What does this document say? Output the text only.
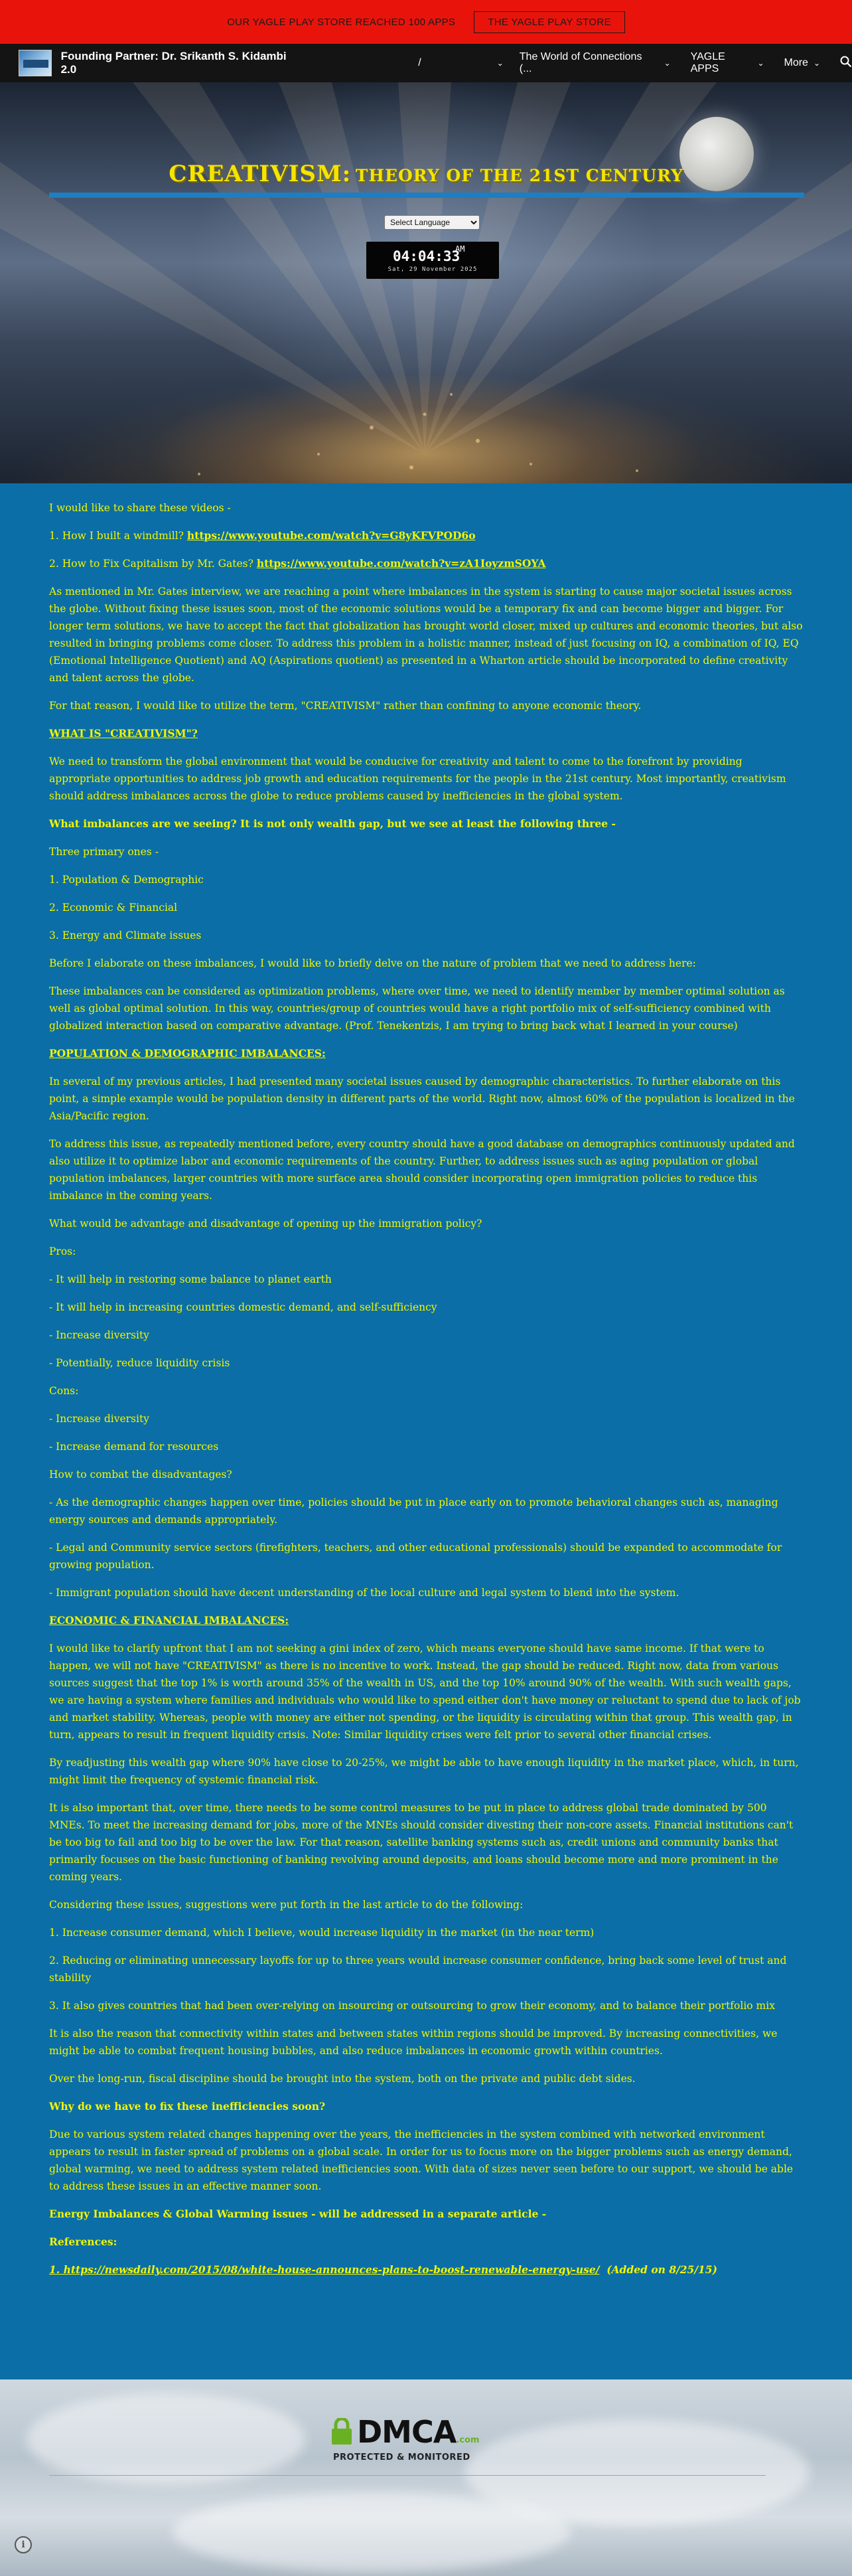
OUR YAGLE PLAY STORE REACHED 100 APPS	THE YAGLE PLAY STORE
Founding Partner: Dr. Srikanth S. Kidambi 2.0
/	⌄
The World of Connections (...	⌄
YAGLE APPS	⌄ More ⌄
CREATIVISM: THEORY OF THE 21ST CENTURY
Select Language
04:04:33
AM
Sat, 29 November 2025

I would like to share these videos -

1. How I built a windmill? https://www.youtube.com/watch?v=G8yKFVPOD6o

2. How to Fix Capitalism by Mr. Gates? https://www.youtube.com/watch?v=zA1IoyzmSOYA

As mentioned in Mr. Gates interview, we are reaching a point where imbalances in the system is starting to cause major societal issues across the globe. Without fixing these issues soon, most of the economic solutions would be a temporary fix and can become bigger and bigger. For longer term solutions, we have to accept the fact that globalization has brought world closer, mixed up cultures and economic theories, but also resulted in bringing problems come closer. To address this problem in a holistic manner, instead of just focusing on IQ, a combination of IQ, EQ (Emotional Intelligence Quotient) and AQ (Aspirations quotient) as presented in a Wharton article should be incorporated to define creativity and talent across the globe.

For that reason, I would like to utilize the term, "CREATIVISM" rather than confining to anyone economic theory.

WHAT IS "CREATIVISM"?

We need to transform the global environment that would be conducive for creativity and talent to come to the forefront by providing appropriate opportunities to address job growth and education requirements for the people in the 21st century. Most importantly, creativism should address imbalances across the globe to reduce problems caused by inefficiencies in the global system.

What imbalances are we seeing? It is not only wealth gap, but we see at least the following three -

Three primary ones -

1. Population & Demographic

2. Economic & Financial

3. Energy and Climate issues

Before I elaborate on these imbalances, I would like to briefly delve on the nature of problem that we need to address here:

These imbalances can be considered as optimization problems, where over time, we need to identify member by member optimal solution as well as global optimal solution. In this way, countries/group of countries would have a right portfolio mix of self-sufficiency combined with globalized interaction based on comparative advantage. (Prof. Tenekentzis, I am trying to bring back what I learned in your course)

POPULATION & DEMOGRAPHIC IMBALANCES:

In several of my previous articles, I had presented many societal issues caused by demographic characteristics. To further elaborate on this point, a simple example would be population density in different parts of the world. Right now, almost 60% of the population is localized in the Asia/Pacific region.

To address this issue, as repeatedly mentioned before, every country should have a good database on demographics continuously updated and also utilize it to optimize labor and economic requirements of the country. Further, to address issues such as aging population or global population imbalances, larger countries with more surface area should consider incorporating open immigration policies to reduce this imbalance in the coming years.

What would be advantage and disadvantage of opening up the immigration policy?

Pros:

- It will help in restoring some balance to planet earth

- It will help in increasing countries domestic demand, and self-sufficiency

- Increase diversity

- Potentially, reduce liquidity crisis

Cons:

- Increase diversity

- Increase demand for resources

How to combat the disadvantages?

- As the demographic changes happen over time, policies should be put in place early on to promote behavioral changes such as, managing energy sources and demands appropriately.

- Legal and Community service sectors (firefighters, teachers, and other educational professionals) should be expanded to accommodate for growing population.

- Immigrant population should have decent understanding of the local culture and legal system to blend into the system.

ECONOMIC & FINANCIAL IMBALANCES:

I would like to clarify upfront that I am not seeking a gini index of zero, which means everyone should have same income. If that were to happen, we will not have "CREATIVISM" as there is no incentive to work. Instead, the gap should be reduced. Right now, data from various sources suggest that the top 1% is worth around 35% of the wealth in US, and the top 10% around 90% of the wealth. With such wealth gaps, we are having a system where families and individuals who would like to spend either don't have money or reluctant to spend due to lack of job and market stability. Whereas, people with money are either not spending, or the liquidity is circulating within that group. This wealth gap, in turn, appears to result in frequent liquidity crisis. Note: Similar liquidity crises were felt prior to several other financial crises.

By readjusting this wealth gap where 90% have close to 20-25%, we might be able to have enough liquidity in the market place, which, in turn, might limit the frequency of systemic financial risk.

It is also important that, over time, there needs to be some control measures to be put in place to address global trade dominated by 500 MNEs. To meet the increasing demand for jobs, more of the MNEs should consider divesting their non-core assets. Financial institutions can't be too big to fail and too big to be over the law. For that reason, satellite banking systems such as, credit unions and community banks that primarily focuses on the basic functioning of banking revolving around deposits, and loans should become more and more prominent in the coming years.

Considering these issues, suggestions were put forth in the last article to do the following:

1. Increase consumer demand, which I believe, would increase liquidity in the market (in the near term)

2. Reducing or eliminating unnecessary layoffs for up to three years would increase consumer confidence, bring back some level of trust and stability

3. It also gives countries that had been over-relying on insourcing or outsourcing to grow their economy, and to balance their portfolio mix

It is also the reason that connectivity within states and between states within regions should be improved. By increasing connectivities, we might be able to combat frequent housing bubbles, and also reduce imbalances in economic growth within countries.

Over the long-run, fiscal discipline should be brought into the system, both on the private and public debt sides.

Why do we have to fix these inefficiencies soon?

Due to various system related changes happening over the years, the inefficiencies in the system combined with networked environment appears to result in faster spread of problems on a global scale. In order for us to focus more on the bigger problems such as energy demand, global warming, we need to address system related inefficiencies soon. With data of sizes never seen before to our support, we should be able to address these issues in an effective manner soon.

Energy Imbalances & Global Warming issues - will be addressed in a separate article -

References:

1. https://newsdaily.com/2015/08/white-house-announces-plans-to-boost-renewable-energy-use/ (Added on 8/25/15)

DMCA.com
PROTECTED & MONITORED
i
